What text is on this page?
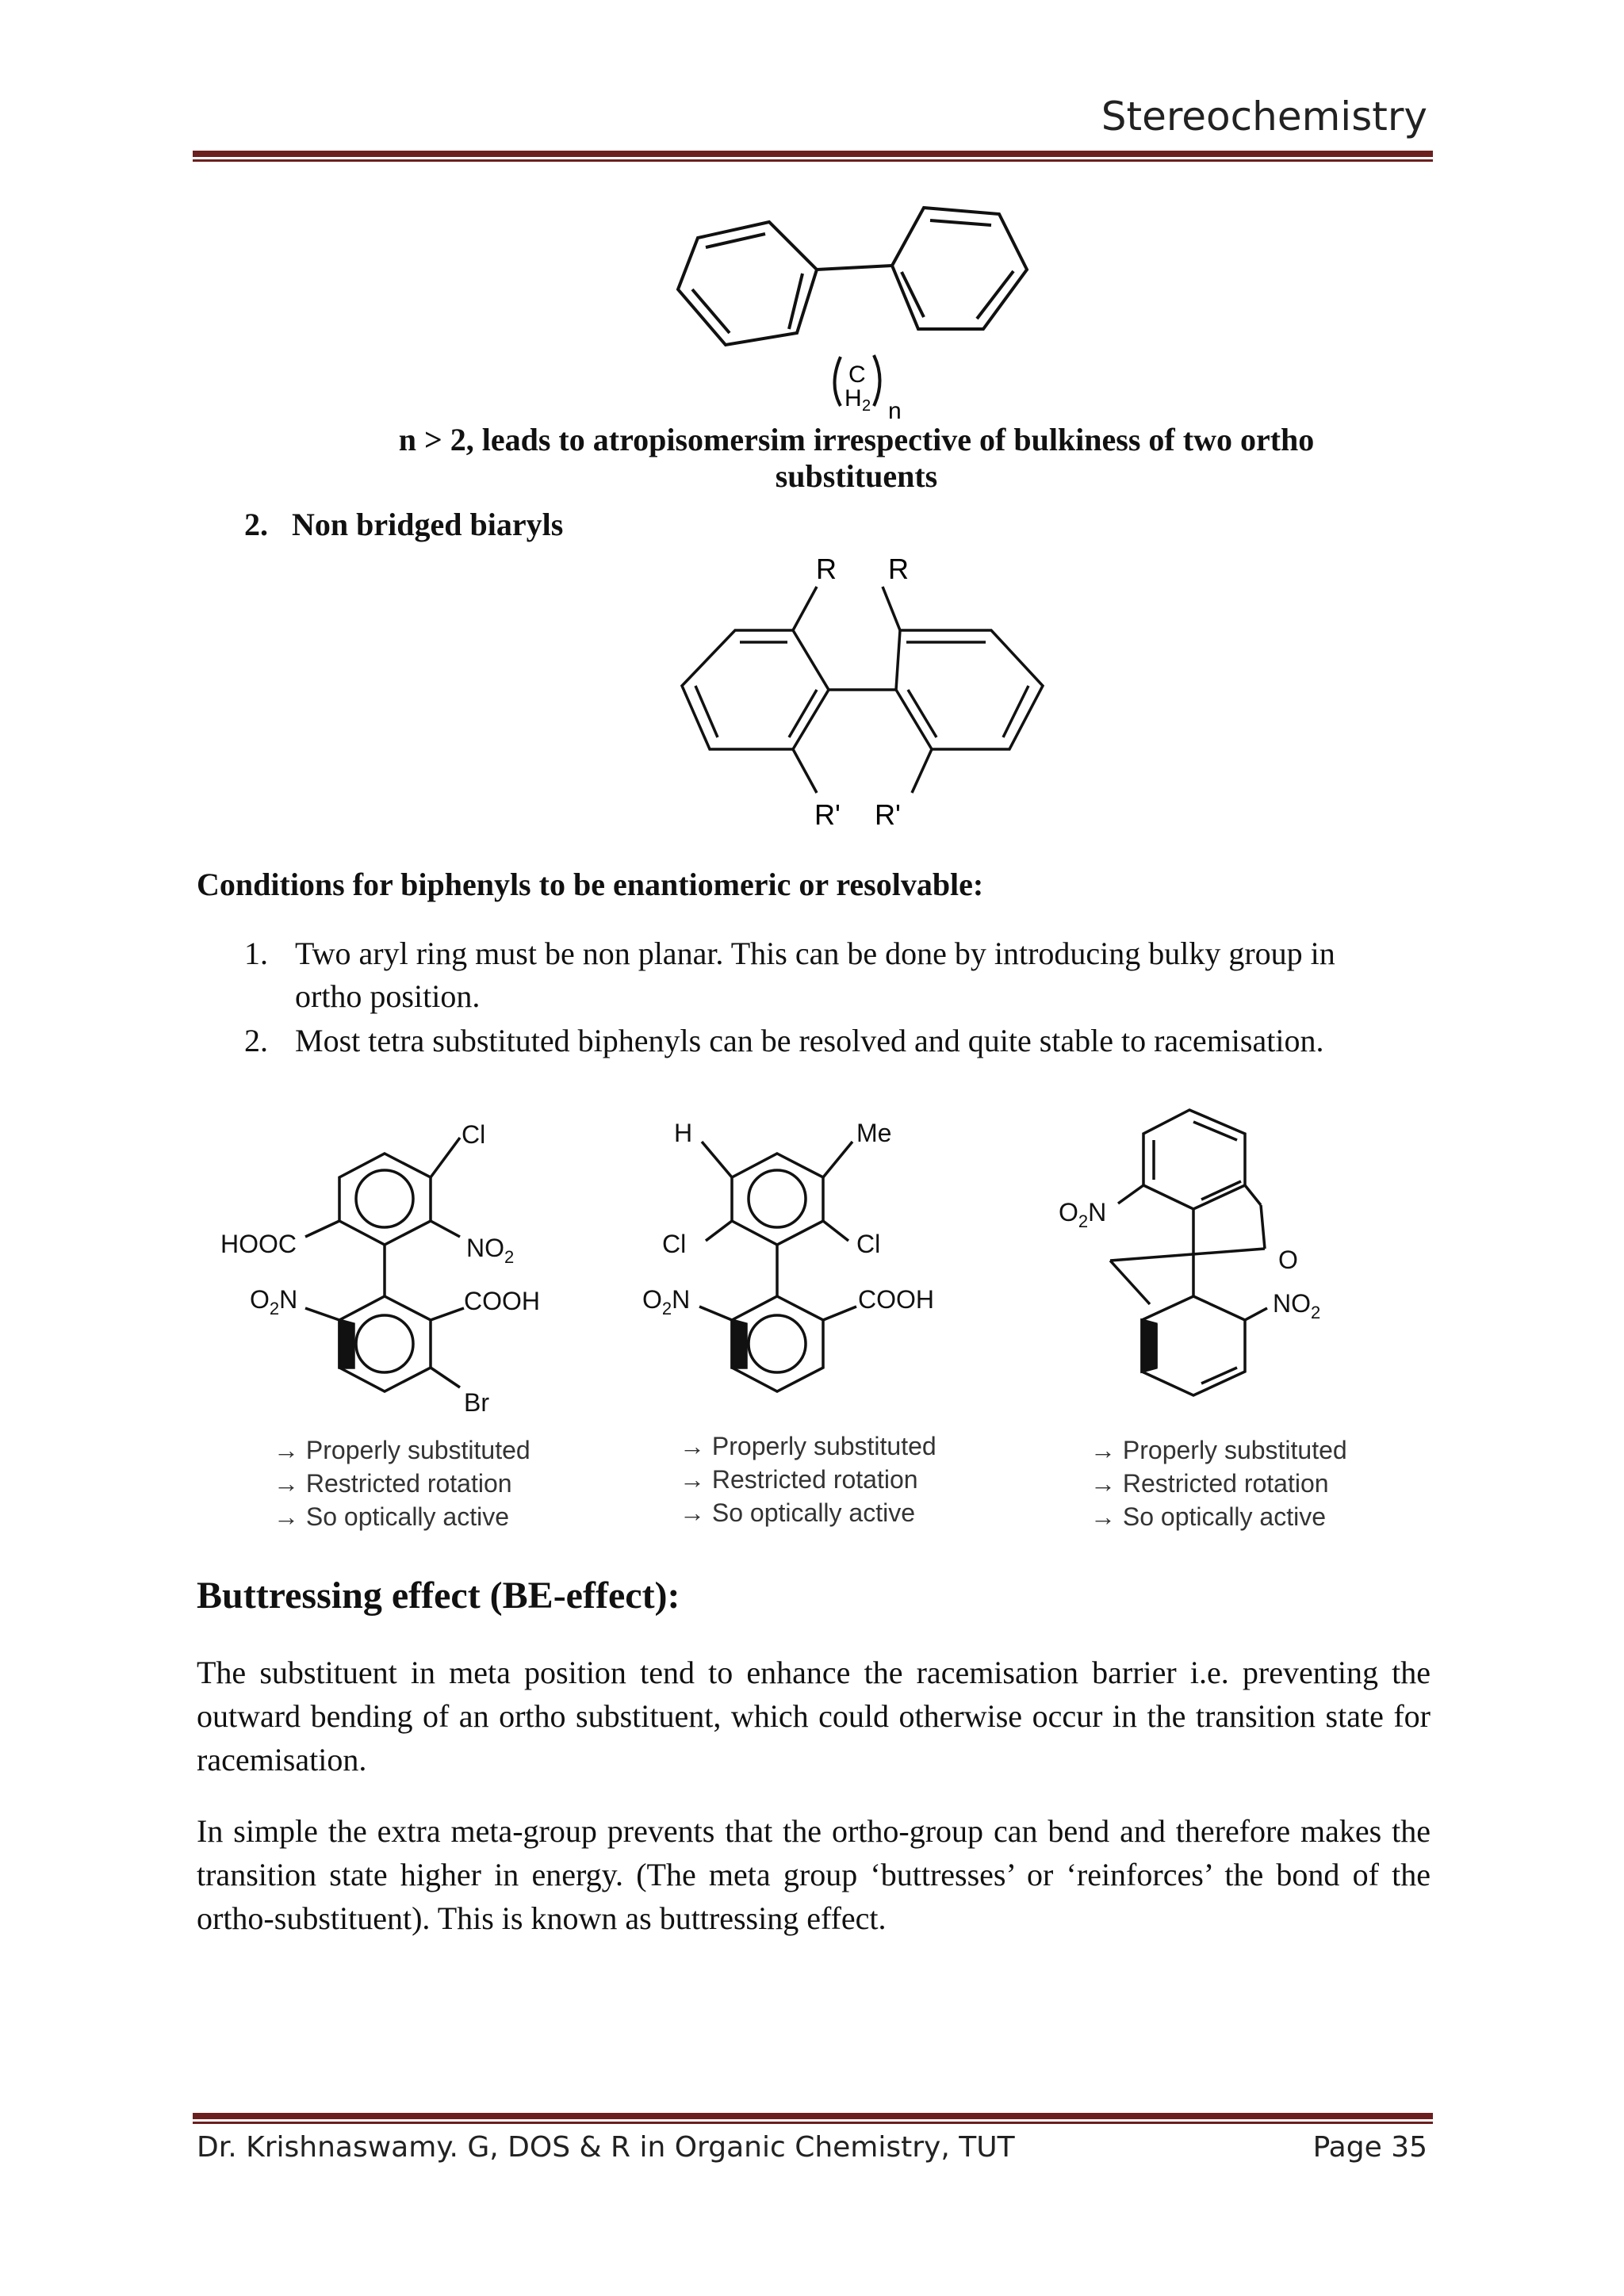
Stereochemistry
C
H 2 n
n > 2, leads to atropisomersim irrespective of bulkiness of two ortho
substituents
2. Non bridged biaryls
R R
R' R'
Conditions for biphenyls to be enantiomeric or resolvable:
1. Two aryl ring must be non planar. This can be done by introducing bulky group in
ortho position.
2. Most tetra substituted biphenyls can be resolved and quite stable to racemisation.
Cl
HOOC	$NO_2$
$O_2N$	COOH
Br
H	Me
Cl	Cl
$O_2N$	COOH
$O_2N$
O
$NO_2$
→ Properly substituted
→ Restricted rotation
→ So optically active
→ Properly substituted
→ Restricted rotation
→ So optically active
→ Properly substituted
→ Restricted rotation
→ So optically active
Buttressing effect (BE-effect):
The substituent in meta position tend to enhance the racemisation barrier i.e. preventing the outward bending of an ortho substituent, which could otherwise occur in the transition state for racemisation.
In simple the extra meta-group prevents that the ortho-group can bend and therefore makes the transition state higher in energy. (The meta group ‘buttresses’ or ‘reinforces’ the bond of the ortho-substituent). This is known as buttressing effect.
Dr. Krishnaswamy. G, DOS & R in Organic Chemistry, TUT	Page 35
